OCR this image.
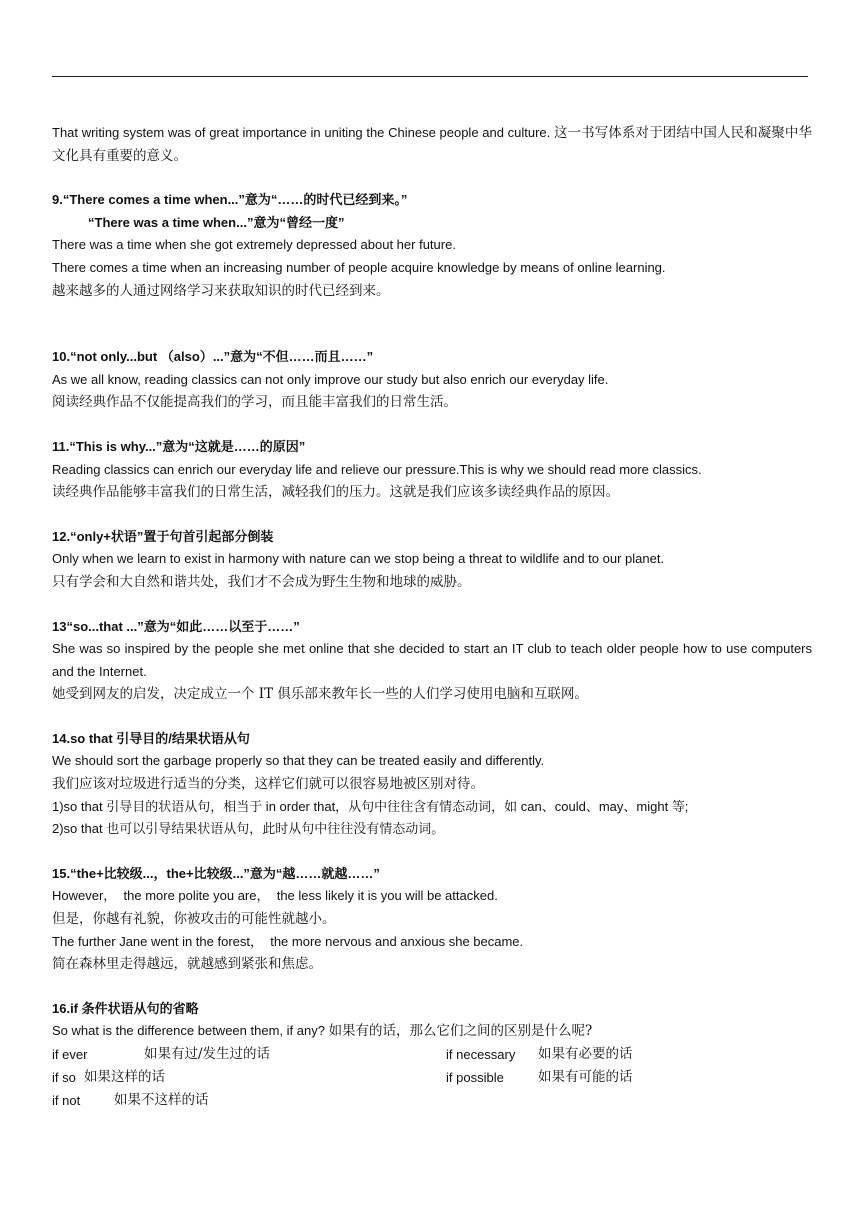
That writing system was of great importance in uniting the Chinese people and culture. 这一书写体系对于团结中国人民和凝聚中华文化具有重要的意义。
9.“There comes a time when...”意为“……的时代已经到来。”
“There was a time when...”意为“曾经一度”
There was a time when she got extremely depressed about her future.
There comes a time when an increasing number of people acquire knowledge by means of online learning.
越来越多的人通过网络学习来获取知识的时代已经到来。
10.“not only...but （also）...”意为“不但……而且……”
As we all know, reading classics can not only improve our study but also enrich our everyday life.
阅读经典作品不仅能提高我们的学习，而且能丰富我们的日常生活。
11.“This is why...”意为“这就是……的原因”
Reading classics can enrich our everyday life and relieve our pressure.This is why we should read more classics.
读经典作品能够丰富我们的日常生活，减轻我们的压力。这就是我们应该多读经典作品的原因。
12.“only+状语”置于句首引起部分倒装
Only when we learn to exist in harmony with nature can we stop being a threat to wildlife and to our planet.
只有学会和大自然和谐共处，我们才不会成为野生生物和地球的威胁。
13“so...that ...”意为“如此……以至于……”
She was so inspired by the people she met online that she decided to start an IT club to teach older people how to use computers and the Internet.
她受到网友的启发，决定成立一个 IT 俱乐部来教年长一些的人们学习使用电脑和互联网。
14.so that 引导目的/结果状语从句
We should sort the garbage properly so that they can be treated easily and differently.
我们应该对垃圾进行适当的分类，这样它们就可以很容易地被区别对待。
1)so that 引导目的状语从句，相当于 in order that，从句中往往含有情态动词，如 can、could、may、might 等;
2)so that 也可以引导结果状语从句，此时从句中往往没有情态动词。
15.“the+比较级...，the+比较级...”意为“越……就越……”
However，  the more polite you are，  the less likely it is you will be attacked.
但是，你越有礼貌，你被攻击的可能性就越小。
The further Jane went in the forest，  the more nervous and anxious she became.
简在森林里走得越远，就越感到紧张和焦虑。
16.if 条件状语从句的省略
So what is the difference between them, if any? 如果有的话，那么它们之间的区别是什么呢?
if ever	如果有过/发生过的话	if necessary	如果有必要的话
if so 如果这样的话	if possible	如果有可能的话
if not	如果不这样的话
